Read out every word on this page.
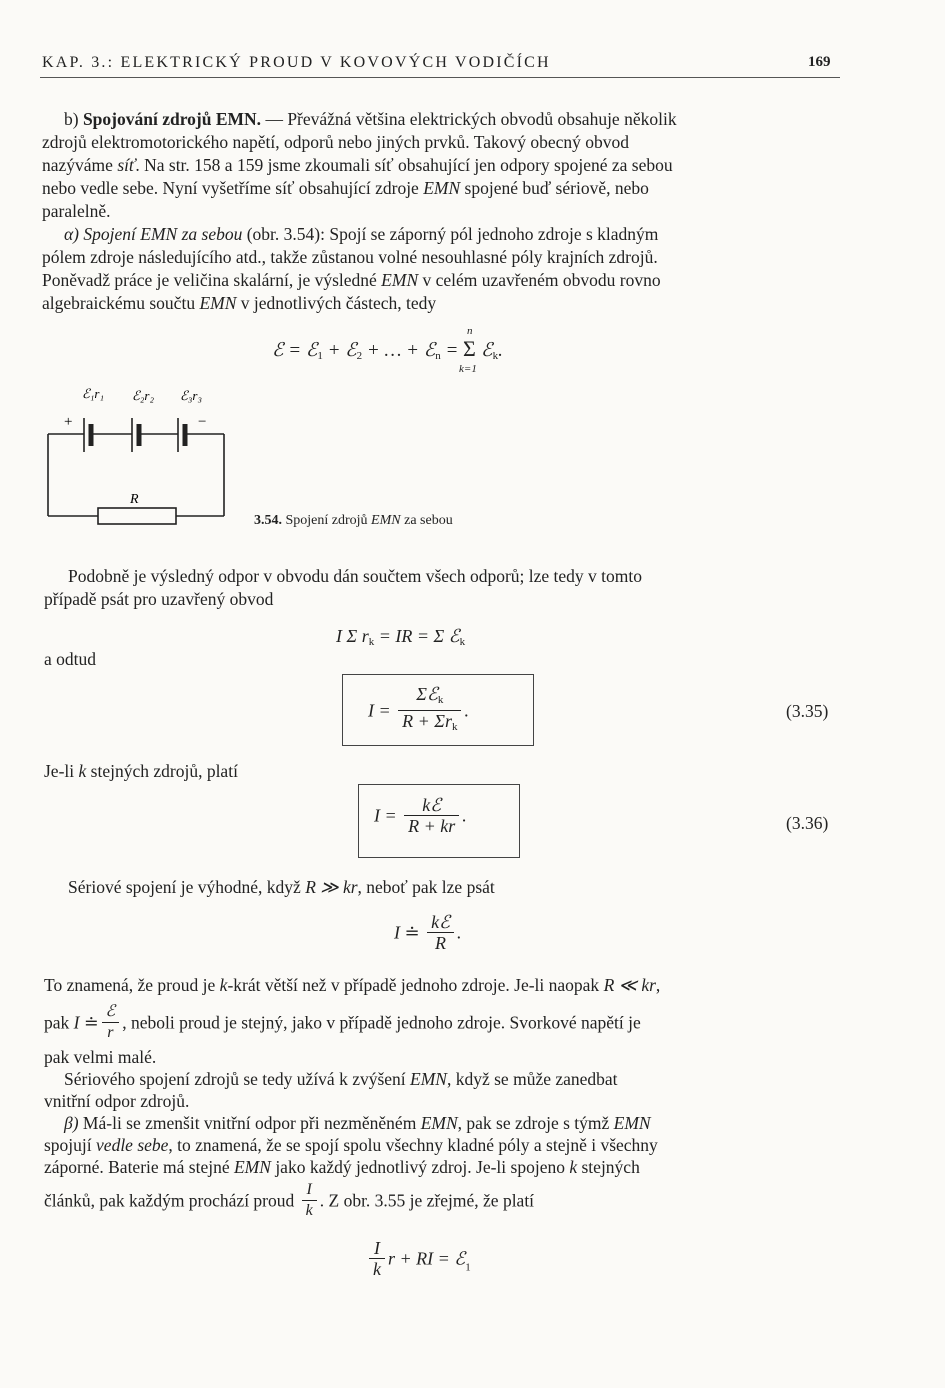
KAP. 3.: ELEKTRICKÝ PROUD V KOVOVÝCH VODIČÍCH	169
b) Spojování zdrojů EMN. — Převážná většina elektrických obvodů obsahuje několik
zdrojů elektromotorického napětí, odporů nebo jiných prvků. Takový obecný obvod
nazýváme síť. Na str. 158 a 159 jsme zkoumali síť obsahující jen odpory spojené za sebou
nebo vedle sebe. Nyní vyšetříme síť obsahující zdroje EMN spojené buď sériově, nebo
paralelně.
α) Spojení EMN za sebou (obr. 3.54): Spojí se záporný pól jednoho zdroje s kladným
pólem zdroje následujícího atd., takže zůstanou volné nesouhlasné póly krajních zdrojů.
Poněvadž práce je veličina skalární, je výsledné EMN v celém uzavřeném obvodu rovno
algebraickému součtu EMN v jednotlivých částech, tedy
ℰ = ℰ$_1$ + ℰ$_2$ + … + ℰ$_n$ =
n
Σ
k=1
ℰ$_k$.
ℰ₁r₁ ℰ₂r₂ ℰ₃r₃
+	−
R
3.54. Spojení zdrojů EMN za sebou
Podobně je výsledný odpor v obvodu dán součtem všech odporů; lze tedy v tomto
případě psát pro uzavřený obvod
I Σ $r_k$ = IR = Σ ℰ$_k$
a odtud
$I = \frac{\Sigma ℰ_k}{R + \Sigma r_k}$ .	(3.35)
Je-li k stejných zdrojů, platí
$I = \frac{\text{kℰ}}{R + kr}$ .	(3.36)
Sériové spojení je výhodné, když R ≫ kr, neboť pak lze psát
I ≐ $\frac{\text{kℰ}}{R}$ .
To znamená, že proud je k-krát větší než v případě jednoho zdroje. Je-li naopak R ≪ kr,
pak I ≐ $\frac{\text{ℰ}}{r}$ , neboli proud je stejný, jako v případě jednoho zdroje. Svorkové napětí je
pak velmi malé.
Sériového spojení zdrojů se tedy užívá k zvýšení EMN, když se může zanedbat
vnitřní odpor zdrojů.
β) Má-li se zmenšit vnitřní odpor při nezměněném EMN, pak se zdroje s týmž EMN
spojují vedle sebe, to znamená, že se spojí spolu všechny kladné póly a stejně i všechny
záporné. Baterie má stejné EMN jako každý jednotlivý zdroj. Je-li spojeno k stejných
článků, pak každým prochází proud $\frac{I}{k}$ . Z obr. 3.55 je zřejmé, že platí
$\frac{I}{k}$ r + RI = ℰ$_1$
